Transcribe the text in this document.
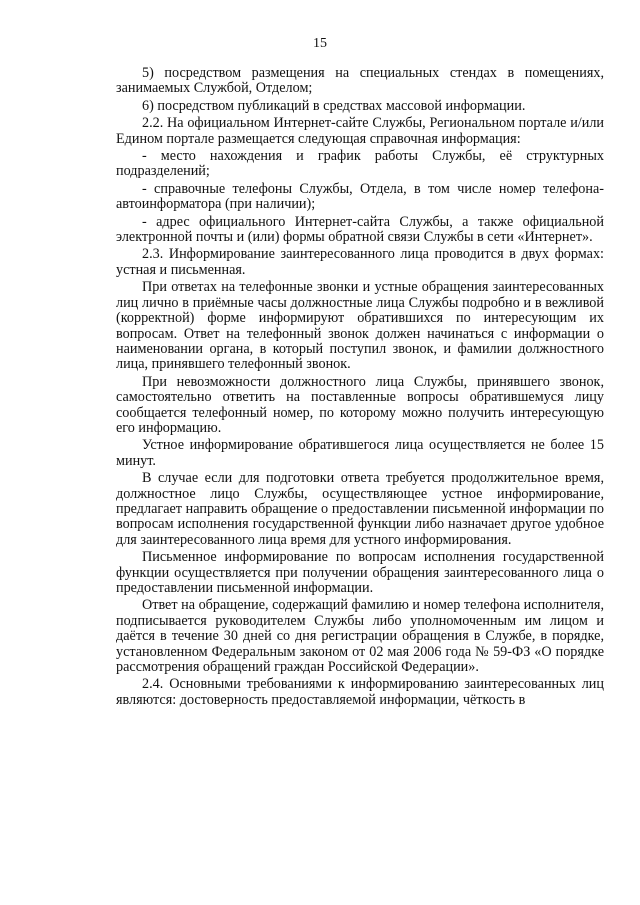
15

5) посредством размещения на специальных стендах в помещениях, занимаемых Службой, Отделом;

6) посредством публикаций в средствах массовой информации.

2.2. На официальном Интернет-сайте Службы, Региональном портале и/или Едином портале размещается следующая справочная информация:

- место нахождения и график работы Службы, её структурных подразделений;

- справочные телефоны Службы, Отдела, в том числе номер телефона-автоинформатора (при наличии);

- адрес официального Интернет-сайта Службы, а также официальной электронной почты и (или) формы обратной связи Службы в сети «Интернет».

2.3. Информирование заинтересованного лица проводится в двух формах: устная и письменная.

При ответах на телефонные звонки и устные обращения заинтересованных лиц лично в приёмные часы должностные лица Службы подробно и в вежливой (корректной) форме информируют обратившихся по интересующим их вопросам. Ответ на телефонный звонок должен начинаться с информации о наименовании органа, в который поступил звонок, и фамилии должностного лица, принявшего телефонный звонок.

При невозможности должностного лица Службы, принявшего звонок, самостоятельно ответить на поставленные вопросы обратившемуся лицу сообщается телефонный номер, по которому можно получить интересующую его информацию.

Устное информирование обратившегося лица осуществляется не более 15 минут.

В случае если для подготовки ответа требуется продолжительное время, должностное лицо Службы, осуществляющее устное информирование, предлагает направить обращение о предоставлении письменной информации по вопросам исполнения государственной функции либо назначает другое удобное для заинтересованного лица время для устного информирования.

Письменное информирование по вопросам исполнения государственной функции осуществляется при получении обращения заинтересованного лица о предоставлении письменной информации.

Ответ на обращение, содержащий фамилию и номер телефона исполнителя, подписывается руководителем Службы либо уполномоченным им лицом и даётся в течение 30 дней со дня регистрации обращения в Службе, в порядке, установленном Федеральным законом от 02 мая 2006 года № 59-ФЗ «О порядке рассмотрения обращений граждан Российской Федерации».

2.4. Основными требованиями к информированию заинтересованных лиц являются: достоверность предоставляемой информации, чёткость в
